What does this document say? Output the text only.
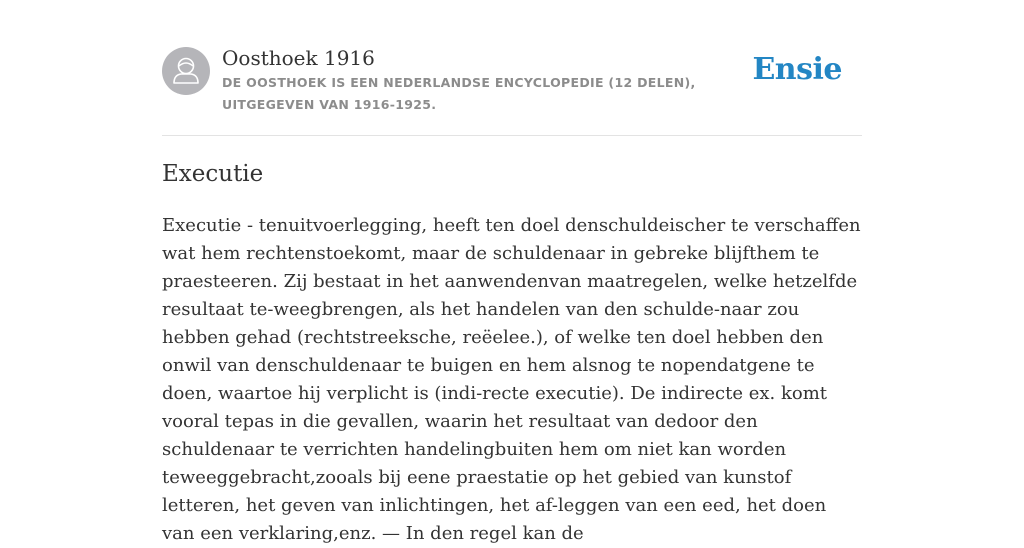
Oosthoek 1916
DE OOSTHOEK IS EEN NEDERLANDSE ENCYCLOPEDIE (12 DELEN), UITGEGEVEN VAN 1916-1925.
Ensie
Executie

Executie - tenuitvoerlegging, heeft ten doel denschuldeischer te verschaffen wat hem rechtenstoekomt, maar de schuldenaar in gebreke blijfthem te praesteeren. Zij bestaat in het aanwendenvan maatregelen, welke hetzelfde resultaat te-weegbrengen, als het handelen van den schulde-naar zou hebben gehad (rechtstreeksche, reëelee.), of welke ten doel hebben den onwil van denschuldenaar te buigen en hem alsnog te nopendatgene te doen, waartoe hij verplicht is (indi-recte executie). De indirecte ex. komt vooral tepas in die gevallen, waarin het resultaat van dedoor den schuldenaar te verrichten handelingbuiten hem om niet kan worden teweeggebracht,zooals bij eene praestatie op het gebied van kunstof letteren, het geven van inlichtingen, het af-leggen van een eed, het doen van een verklaring,enz. — In den regel kan de
